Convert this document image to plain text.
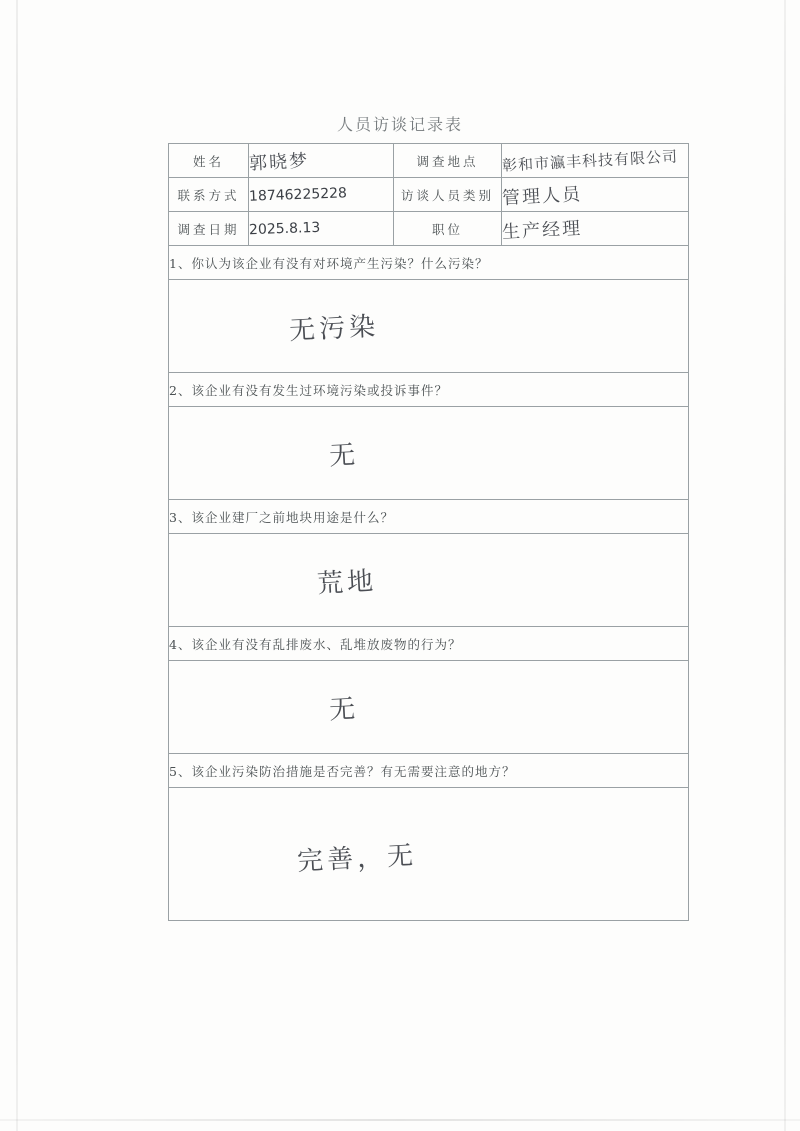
人员访谈记录表
姓名	郭晓梦	调查地点	彰和市瀛丰科技有限公司
联系方式	18746225228	访谈人员类别	管理人员
调查日期	2025.8.13	职位	生产经理
1、你认为该企业有没有对环境产生污染？什么污染？			

无污染			

2、该企业有没有发生过环境污染或投诉事件？			

无			

3、该企业建厂之前地块用途是什么？			

荒地			

4、该企业有没有乱排废水、乱堆放废物的行为？			

无			

5、该企业污染防治措施是否完善？有无需要注意的地方？			

完善，无			
